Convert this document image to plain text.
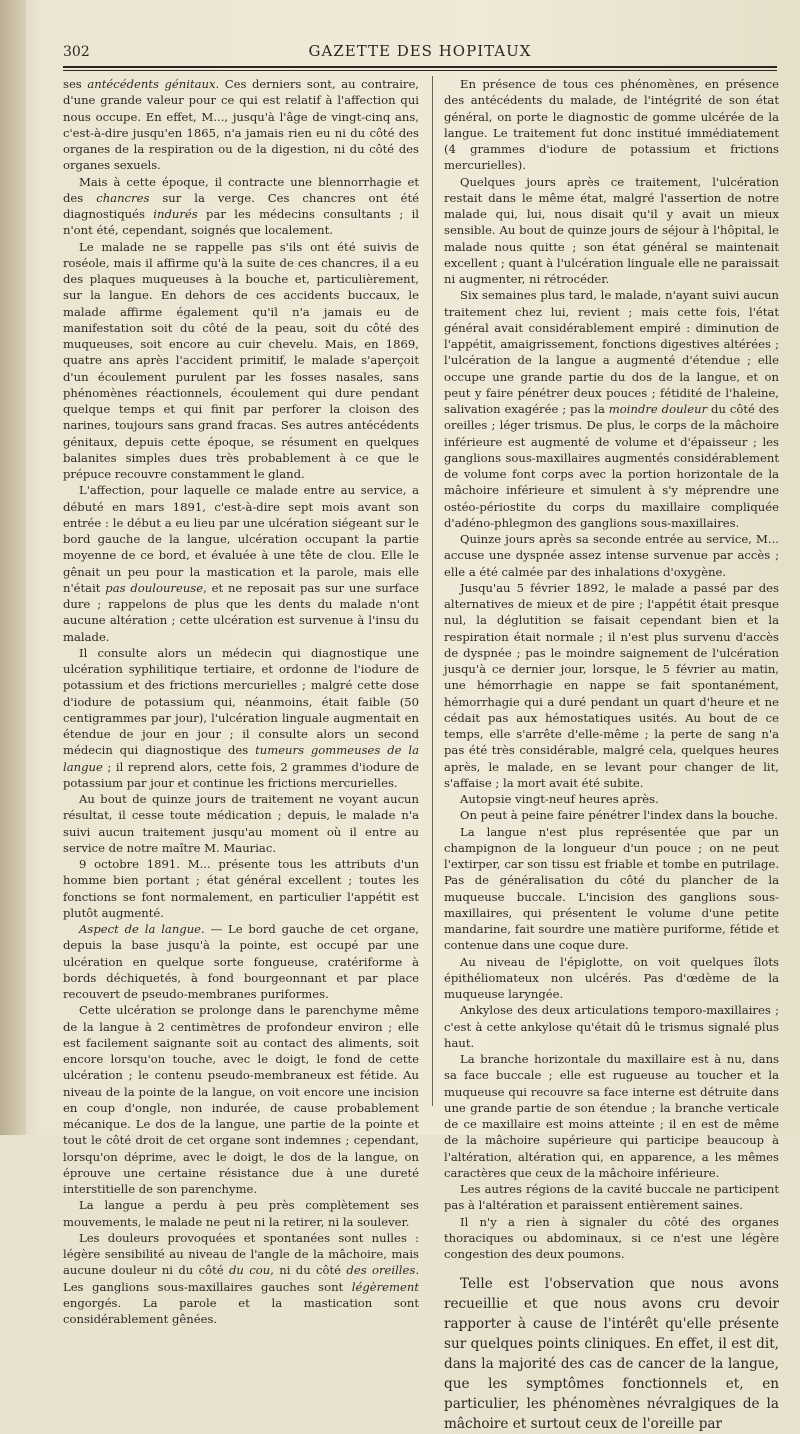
302	GAZETTE DES HOPITAUX

ses antécédents génitaux. Ces derniers sont, au contraire, d'une grande valeur pour ce qui est relatif à l'affection qui nous occupe. En effet, M..., jusqu'à l'âge de vingt-cinq ans, c'est-à-dire jusqu'en 1865, n'a jamais rien eu ni du côté des organes de la respiration ou de la digestion, ni du côté des organes sexuels.

Mais à cette époque, il contracte une blennorrhagie et des chancres sur la verge. Ces chancres ont été diagnostiqués indurés par les médecins consultants ; il n'ont été, cependant, soignés que localement.

Le malade ne se rappelle pas s'ils ont été suivis de roséole, mais il affirme qu'à la suite de ces chancres, il a eu des plaques muqueuses à la bouche et, particulièrement, sur la langue. En dehors de ces accidents buccaux, le malade affirme également qu'il n'a jamais eu de manifestation soit du côté de la peau, soit du côté des muqueuses, soit encore au cuir chevelu. Mais, en 1869, quatre ans après l'accident primitif, le malade s'aperçoit d'un écoulement purulent par les fosses nasales, sans phénomènes réactionnels, écoulement qui dure pendant quelque temps et qui finit par perforer la cloison des narines, toujours sans grand fracas. Ses autres antécédents génitaux, depuis cette époque, se résument en quelques balanites simples dues très probablement à ce que le prépuce recouvre constamment le gland.

L'affection, pour laquelle ce malade entre au service, a débuté en mars 1891, c'est-à-dire sept mois avant son entrée : le début a eu lieu par une ulcération siégeant sur le bord gauche de la langue, ulcération occupant la partie moyenne de ce bord, et évaluée à une tête de clou. Elle le gênait un peu pour la mastication et la parole, mais elle n'était pas douloureuse, et ne reposait pas sur une surface dure ; rappelons de plus que les dents du malade n'ont aucune altération ; cette ulcération est survenue à l'insu du malade.

Il consulte alors un médecin qui diagnostique une ulcération syphilitique tertiaire, et ordonne de l'iodure de potassium et des frictions mercurielles ; malgré cette dose d'iodure de potassium qui, néanmoins, était faible (50 centigrammes par jour), l'ulcération linguale augmentait en étendue de jour en jour ; il consulte alors un second médecin qui diagnostique des tumeurs gommeuses de la langue ; il reprend alors, cette fois, 2 grammes d'iodure de potassium par jour et continue les frictions mercurielles.

Au bout de quinze jours de traitement ne voyant aucun résultat, il cesse toute médication ; depuis, le malade n'a suivi aucun traitement jusqu'au moment où il entre au service de notre maître M. Mauriac.

9 octobre 1891. M... présente tous les attributs d'un homme bien portant ; état général excellent ; toutes les fonctions se font normalement, en particulier l'appétit est plutôt augmenté.

Aspect de la langue. — Le bord gauche de cet organe, depuis la base jusqu'à la pointe, est occupé par une ulcération en quelque sorte fongueuse, cratériforme à bords déchiquetés, à fond bourgeonnant et par place recouvert de pseudo-membranes puriformes.

Cette ulcération se prolonge dans le parenchyme même de la langue à 2 centimètres de profondeur environ ; elle est facilement saignante soit au contact des aliments, soit encore lorsqu'on touche, avec le doigt, le fond de cette ulcération ; le contenu pseudo-membraneux est fétide. Au niveau de la pointe de la langue, on voit encore une incision en coup d'ongle, non indurée, de cause probablement mécanique. Le dos de la langue, une partie de la pointe et tout le côté droit de cet organe sont indemnes ; cependant, lorsqu'on déprime, avec le doigt, le dos de la langue, on éprouve une certaine résistance due à une dureté interstitielle de son parenchyme.

La langue a perdu à peu près complètement ses mouvements, le malade ne peut ni la retirer, ni la soulever.

Les douleurs provoquées et spontanées sont nulles : légère sensibilité au niveau de l'angle de la mâchoire, mais aucune douleur ni du côté du cou, ni du côté des oreilles. Les ganglions sous-maxillaires gauches sont légèrement engorgés. La parole et la mastication sont considérablement gênées.

En présence de tous ces phénomènes, en présence des antécédents du malade, de l'intégrité de son état général, on porte le diagnostic de gomme ulcérée de la langue. Le traitement fut donc institué immédiatement (4 grammes d'iodure de potassium et frictions mercurielles).

Quelques jours après ce traitement, l'ulcération restait dans le même état, malgré l'assertion de notre malade qui, lui, nous disait qu'il y avait un mieux sensible. Au bout de quinze jours de séjour à l'hôpital, le malade nous quitte ; son état général se maintenait excellent ; quant à l'ulcération linguale elle ne paraissait ni augmenter, ni rétrocéder.

Six semaines plus tard, le malade, n'ayant suivi aucun traitement chez lui, revient ; mais cette fois, l'état général avait considérablement empiré : diminution de l'appétit, amaigrissement, fonctions digestives altérées ; l'ulcération de la langue a augmenté d'étendue ; elle occupe une grande partie du dos de la langue, et on peut y faire pénétrer deux pouces ; fétidité de l'haleine, salivation exagérée ; pas la moindre douleur du côté des oreilles ; léger trismus. De plus, le corps de la mâchoire inférieure est augmenté de volume et d'épaisseur ; les ganglions sous-maxillaires augmentés considérablement de volume font corps avec la portion horizontale de la mâchoire inférieure et simulent à s'y méprendre une ostéo-périostite du corps du maxillaire compliquée d'adéno-phlegmon des ganglions sous-maxillaires.

Quinze jours après sa seconde entrée au service, M... accuse une dyspnée assez intense survenue par accès ; elle a été calmée par des inhalations d'oxygène.

Jusqu'au 5 février 1892, le malade a passé par des alternatives de mieux et de pire ; l'appétit était presque nul, la déglutition se faisait cependant bien et la respiration était normale ; il n'est plus survenu d'accès de dyspnée ; pas le moindre saignement de l'ulcération jusqu'à ce dernier jour, lorsque, le 5 février au matin, une hémorrhagie en nappe se fait spontanément, hémorrhagie qui a duré pendant un quart d'heure et ne cédait pas aux hémostatiques usités. Au bout de ce temps, elle s'arrête d'elle-même ; la perte de sang n'a pas été très considérable, malgré cela, quelques heures après, le malade, en se levant pour changer de lit, s'affaise ; la mort avait été subite.

Autopsie vingt-neuf heures après.

On peut à peine faire pénétrer l'index dans la bouche.

La langue n'est plus représentée que par un champignon de la longueur d'un pouce ; on ne peut l'extirper, car son tissu est friable et tombe en putrilage. Pas de généralisation du côté du plancher de la muqueuse buccale. L'incision des ganglions sous-maxillaires, qui présentent le volume d'une petite mandarine, fait sourdre une matière puriforme, fétide et contenue dans une coque dure.

Au niveau de l'épiglotte, on voit quelques îlots épithéliomateux non ulcérés. Pas d'œdème de la muqueuse laryngée.

Ankylose des deux articulations temporo-maxillaires ; c'est à cette ankylose qu'était dû le trismus signalé plus haut.

La branche horizontale du maxillaire est à nu, dans sa face buccale ; elle est rugueuse au toucher et la muqueuse qui recouvre sa face interne est détruite dans une grande partie de son étendue ; la branche verticale de ce maxillaire est moins atteinte ; il en est de même de la mâchoire supérieure qui participe beaucoup à l'altération, altération qui, en apparence, a les mêmes caractères que ceux de la mâchoire inférieure.

Les autres régions de la cavité buccale ne participent pas à l'altération et paraissent entièrement saines.

Il n'y a rien à signaler du côté des organes thoraciques ou abdominaux, si ce n'est une légère congestion des deux poumons.

Telle est l'observation que nous avons recueillie et que nous avons cru devoir rapporter à cause de l'intérêt qu'elle présente sur quelques points cliniques. En effet, il est dit, dans la majorité des cas de cancer de la langue, que les symptômes fonctionnels et, en particulier, les phénomènes névralgiques de la mâchoire et surtout ceux de l'oreille par
